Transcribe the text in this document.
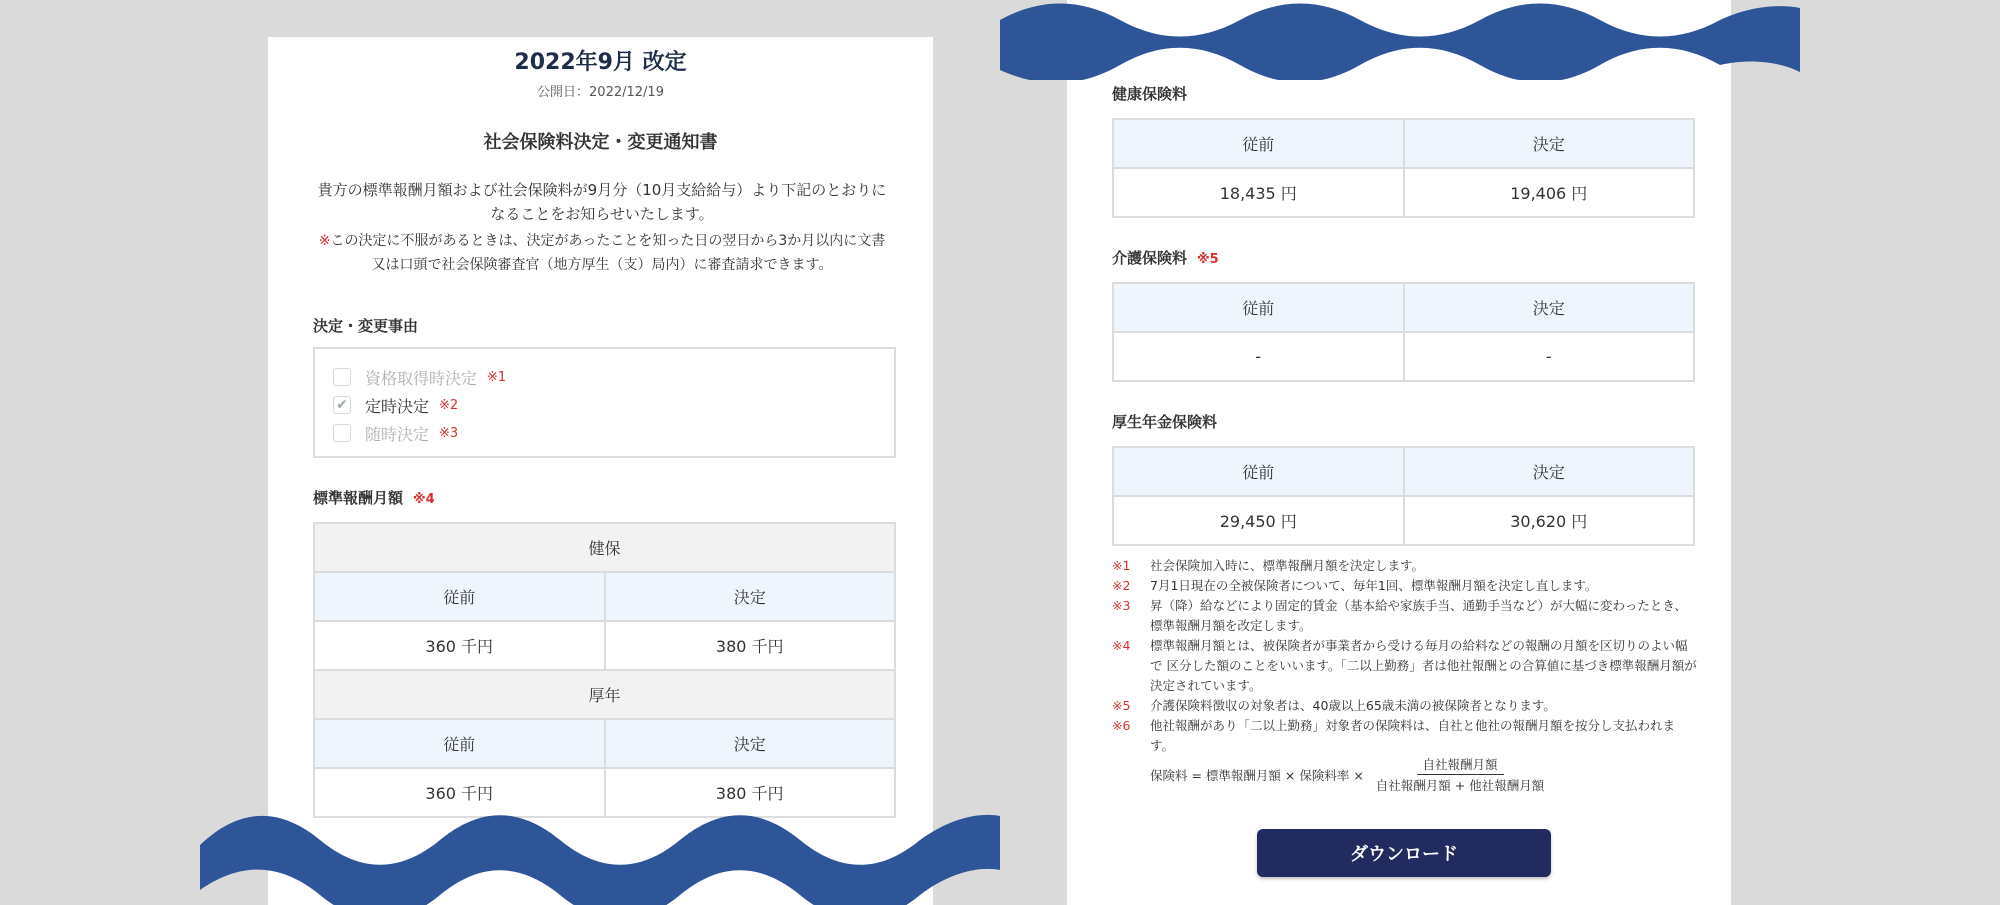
2022年9月 改定
公開日：2022/12/19
社会保険料決定・変更通知書
貴方の標準報酬月額および社会保険料が9月分（10月支給給与）より下記のとおりになることをお知らせいたします。
※この決定に不服があるときは、決定があったことを知った日の翌日から3か月以内に文書又は口頭で社会保険審査官（地方厚生（支）局内）に審査請求できます。
決定・変更事由
資格取得時決定 ※1
✔ 定時決定 ※2
随時決定 ※3
標準報酬月額 ※4
健保	
従前	決定
360 千円	380 千円
厚年	
従前	決定
360 千円	380 千円
健康保険料
従前	決定
18,435 円	19,406 円
介護保険料 ※5
従前	決定
-	-
厚生年金保険料
従前	決定
29,450 円	30,620 円
※1	社会保険加入時に、標準報酬月額を決定します。
※2	7月1日現在の全被保険者について、毎年1回、標準報酬月額を決定し直します。
※3	昇（降）給などにより固定的賃金（基本給や家族手当、通勤手当など）が大幅に変わったとき、標準報酬月額を改定します。
※4	標準報酬月額とは、被保険者が事業者から受ける毎月の給料などの報酬の月額を区切りのよい幅で 区分した額のことをいいます。「二以上勤務」者は他社報酬との合算値に基づき標準報酬月額が決定されています。
※5	介護保険料徴収の対象者は、40歳以上65歳未満の被保険者となります。
※6	他社報酬があり「二以上勤務」対象者の保険料は、自社と他社の報酬月額を按分し支払われます。
保険料 = 標準報酬月額 × 保険料率 × $\frac{\text{自社報酬月額}}{\text{自社報酬月額 + 他社報酬月額}}$
ダウンロード
